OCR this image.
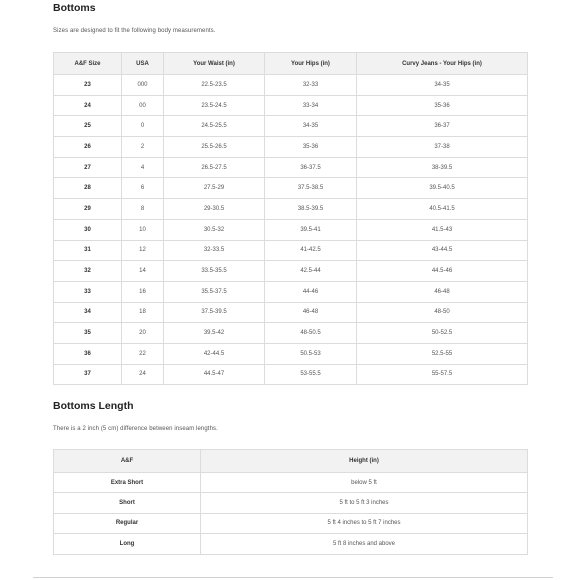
Bottoms

Sizes are designed to fit the following body measurements.

A&F Size	USA	Your Waist (in)	Your Hips (in)	Curvy Jeans - Your Hips (in)
23	000	22.5-23.5	32-33	34-35
24	00	23.5-24.5	33-34	35-36
25	0	24.5-25.5	34-35	36-37
26	2	25.5-26.5	35-36	37-38
27	4	26.5-27.5	36-37.5	38-39.5
28	6	27.5-29	37.5-38.5	39.5-40.5
29	8	29-30.5	38.5-39.5	40.5-41.5
30	10	30.5-32	39.5-41	41.5-43
31	12	32-33.5	41-42.5	43-44.5
32	14	33.5-35.5	42.5-44	44.5-46
33	16	35.5-37.5	44-46	46-48
34	18	37.5-39.5	46-48	48-50
35	20	39.5-42	48-50.5	50-52.5
36	22	42-44.5	50.5-53	52.5-55
37	24	44.5-47	53-55.5	55-57.5
Bottoms Length

There is a 2 inch (5 cm) difference between inseam lengths.

A&F	Height (in)
Extra Short	below 5 ft
Short	5 ft to 5 ft 3 inches
Regular	5 ft 4 inches to 5 ft 7 inches
Long	5 ft 8 inches and above
